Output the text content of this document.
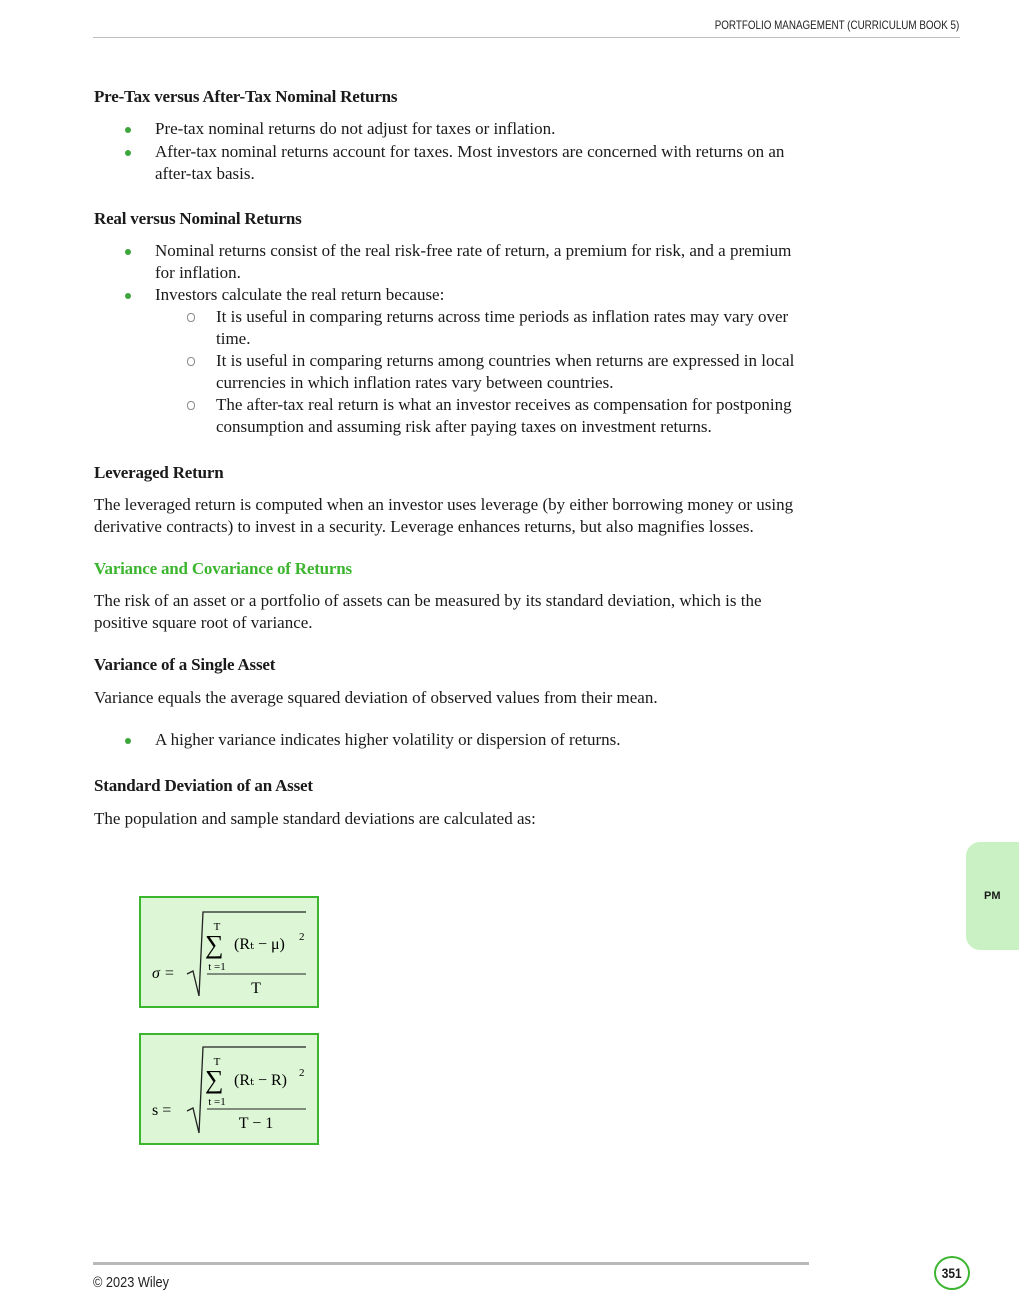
PORTFOLIO MANAGEMENT (CURRICULUM BOOK 5)
Pre-Tax versus After-Tax Nominal Returns
Pre-tax nominal returns do not adjust for taxes or inflation.
After-tax nominal returns account for taxes. Most investors are concerned with returns on an after-tax basis.
Real versus Nominal Returns
Nominal returns consist of the real risk-free rate of return, a premium for risk, and a premium for inflation.
Investors calculate the real return because:
It is useful in comparing returns across time periods as inflation rates may vary over time.
It is useful in comparing returns among countries when returns are expressed in local currencies in which inflation rates vary between countries.
The after-tax real return is what an investor receives as compensation for postponing consumption and assuming risk after paying taxes on investment returns.
Leveraged Return

The leveraged return is computed when an investor uses leverage (by either borrowing money or using derivative contracts) to invest in a security. Leverage enhances returns, but also magnifies losses.

Variance and Covariance of Returns

The risk of an asset or a portfolio of assets can be measured by its standard deviation, which is the positive square root of variance.

Variance of a Single Asset

Variance equals the average squared deviation of observed values from their mean.

A higher variance indicates higher volatility or dispersion of returns.
Standard Deviation of an Asset

The population and sample standard deviations are calculated as:

σ =
T
∑
t =1
(Rₜ − μ) 2
T
s =
T
∑
t =1
(Rₜ − R) 2
T − 1
PM
© 2023 Wiley
351
